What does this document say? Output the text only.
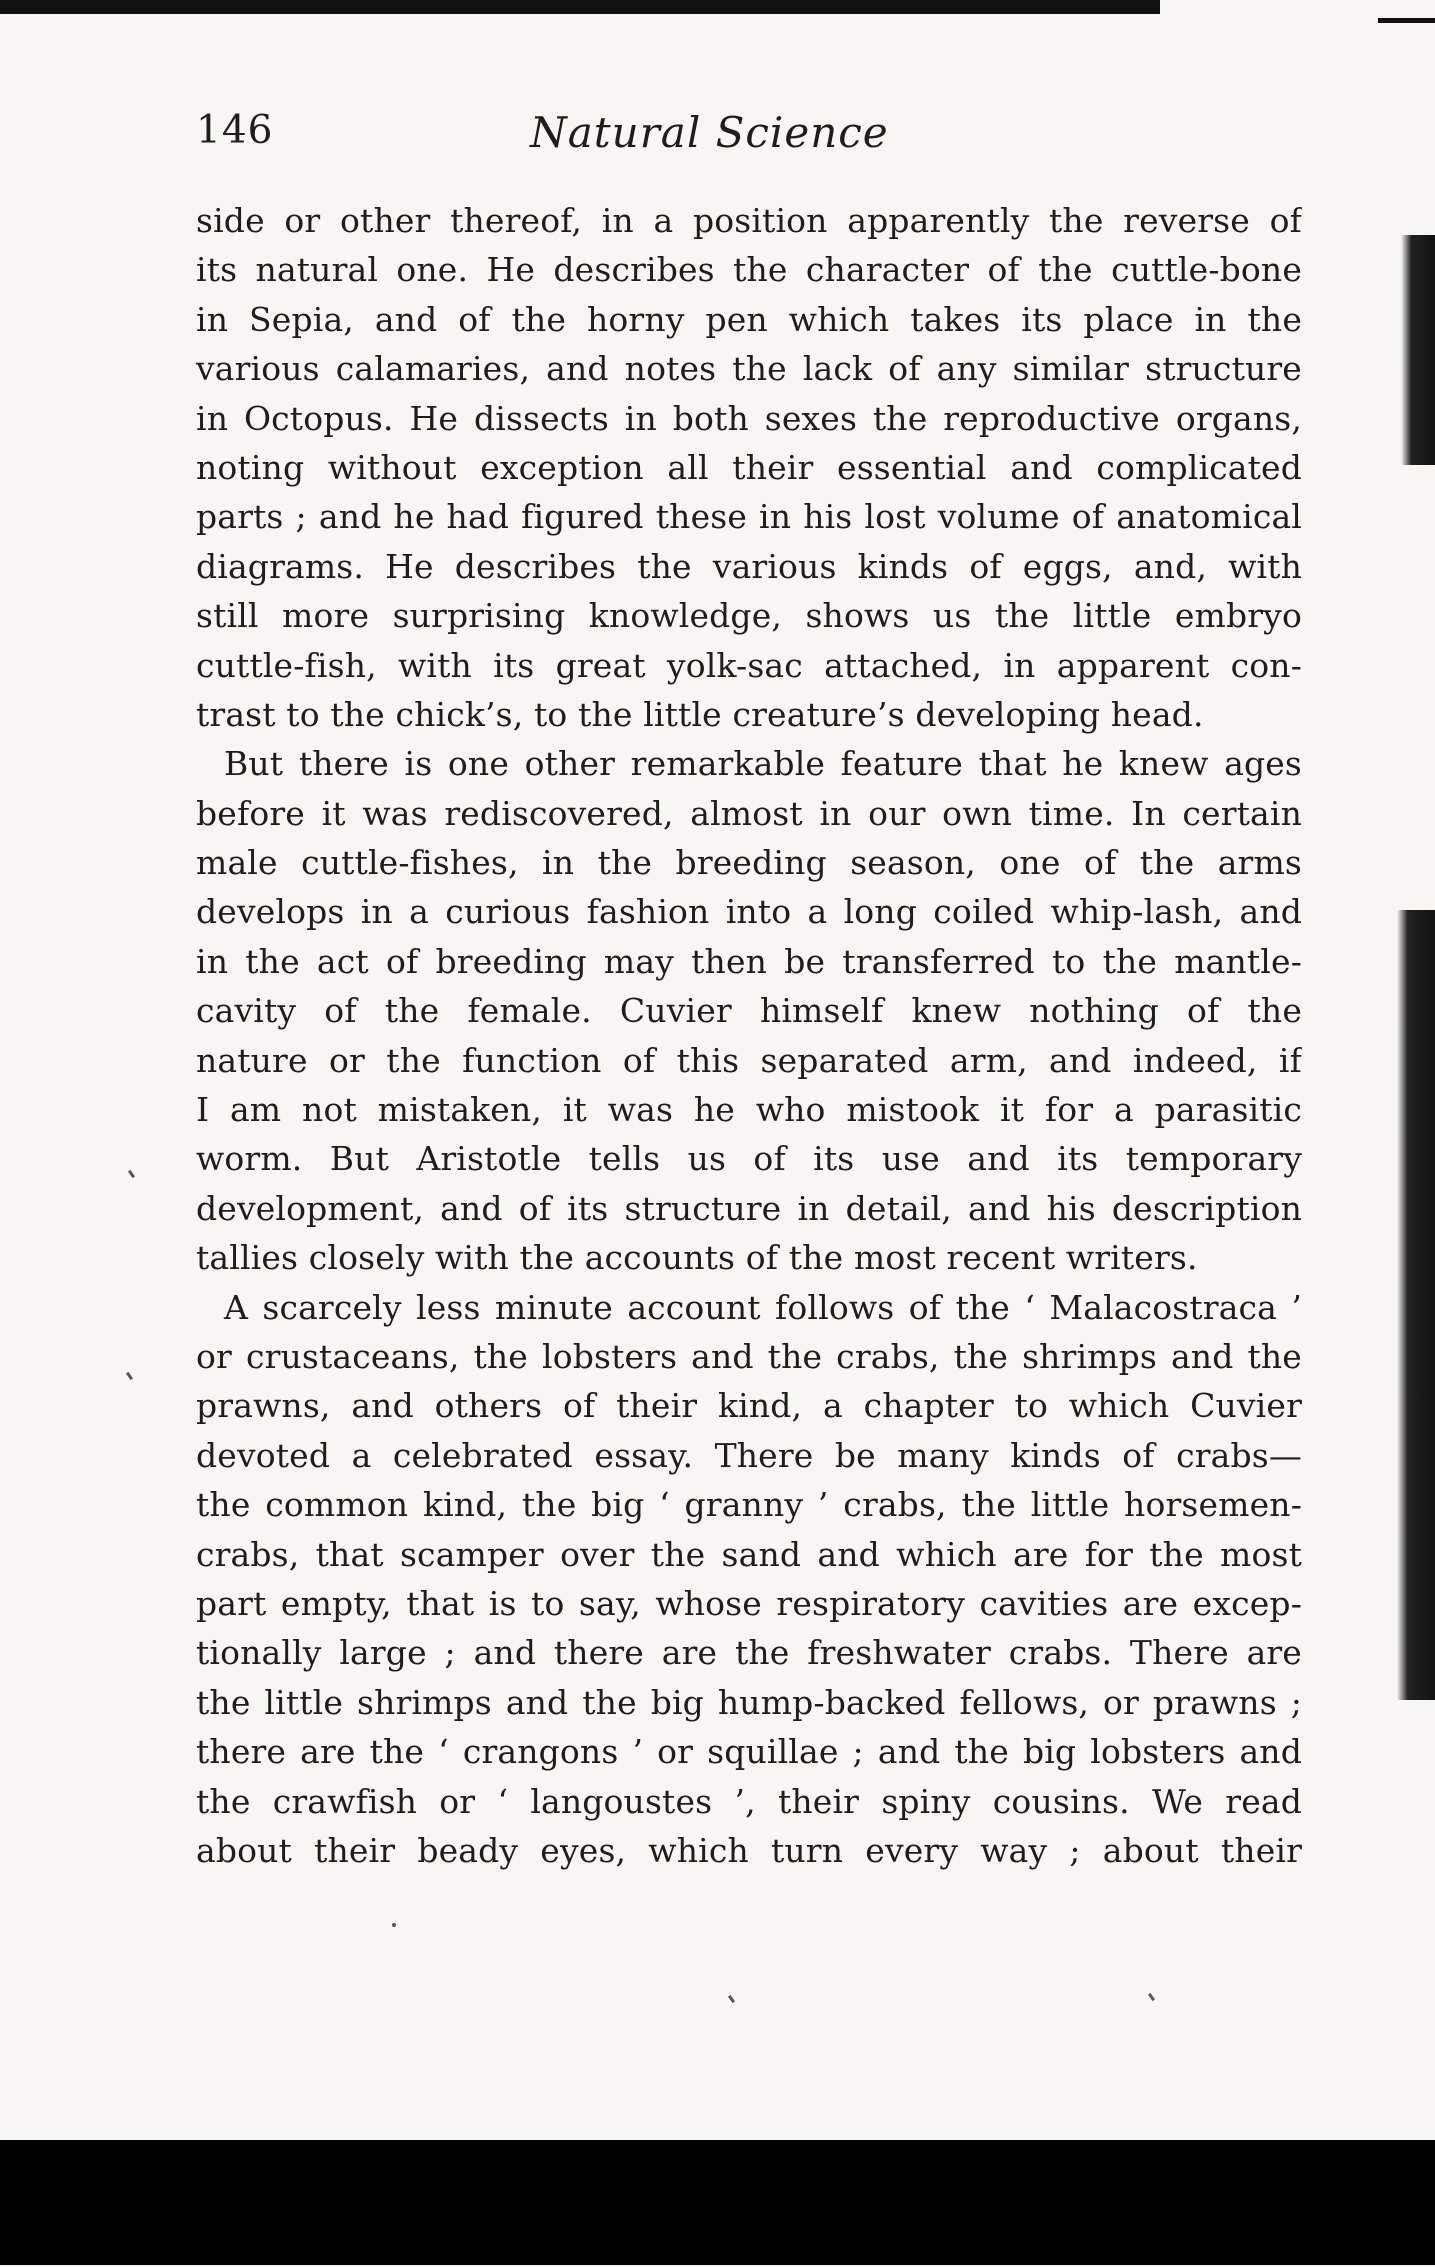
146	Natural Science
side or other thereof, in a position apparently the reverse of
its natural one. He describes the character of the cuttle-bone
in Sepia, and of the horny pen which takes its place in the
various calamaries, and notes the lack of any similar structure
in Octopus. He dissects in both sexes the reproductive organs,
noting without exception all their essential and complicated
parts ; and he had figured these in his lost volume of anatomical
diagrams. He describes the various kinds of eggs, and, with
still more surprising knowledge, shows us the little embryo
cuttle-fish, with its great yolk-sac attached, in apparent con-
trast to the chick’s, to the little creature’s developing head.
But there is one other remarkable feature that he knew ages
before it was rediscovered, almost in our own time. In certain
male cuttle-fishes, in the breeding season, one of the arms
develops in a curious fashion into a long coiled whip-lash, and
in the act of breeding may then be transferred to the mantle-
cavity of the female. Cuvier himself knew nothing of the
nature or the function of this separated arm, and indeed, if
I am not mistaken, it was he who mistook it for a parasitic
worm. But Aristotle tells us of its use and its temporary
development, and of its structure in detail, and his description
tallies closely with the accounts of the most recent writers.
A scarcely less minute account follows of the ‘ Malacostraca ’
or crustaceans, the lobsters and the crabs, the shrimps and the
prawns, and others of their kind, a chapter to which Cuvier
devoted a celebrated essay. There be many kinds of crabs—
the common kind, the big ‘ granny ’ crabs, the little horsemen-
crabs, that scamper over the sand and which are for the most
part empty, that is to say, whose respiratory cavities are excep-
tionally large ; and there are the freshwater crabs. There are
the little shrimps and the big hump-backed fellows, or prawns ;
there are the ‘ crangons ’ or squillae ; and the big lobsters and
the crawfish or ‘ langoustes ’, their spiny cousins. We read
about their beady eyes, which turn every way ; about their
